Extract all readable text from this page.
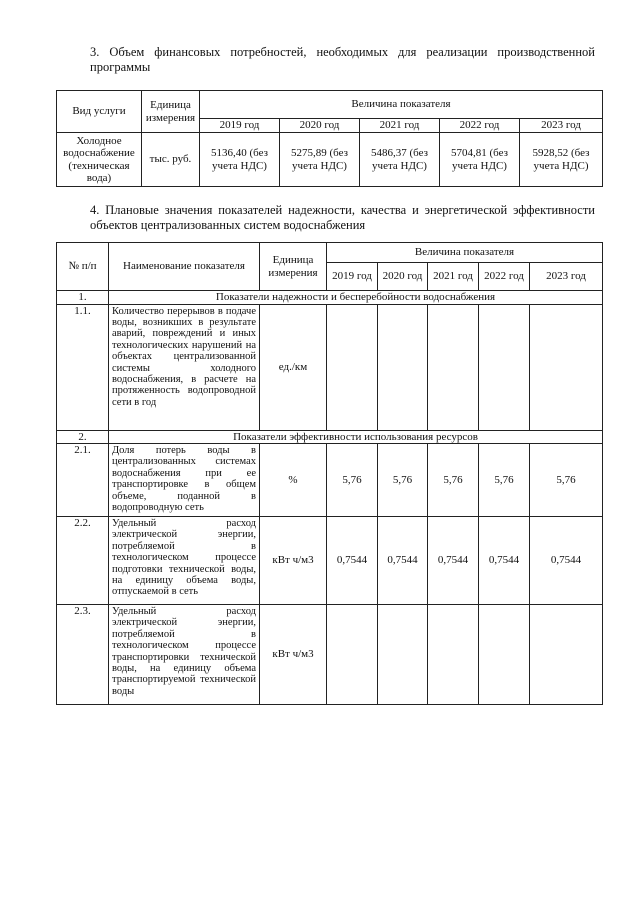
3. Объем финансовых потребностей, необходимых для реализации производственной программы
Вид услуги	Единица измерения	Величина показателя				
		2019 год	2020 год	2021 год	2022 год	2023 год
Холодное водоснабжение (техническая вода)	тыс. руб.	5136,40 (без учета НДС)	5275,89 (без учета НДС)	5486,37 (без учета НДС)	5704,81 (без учета НДС)	5928,52 (без учета НДС)
4. Плановые значения показателей надежности, качества и энергетической эффективности объектов централизованных систем водоснабжения
№ п/п	Наименование показателя	Единица измерения	Величина показателя				
			2019 год	2020 год	2021 год	2022 год	2023 год
1.	Показатели надежности и бесперебойности водоснабжения						
1.1.	Количество перерывов в подаче воды, возникших в результате аварий, повреждений и иных технологических нарушений на объектах централизованной системы холодного водоснабжения, в расчете на протяженность водопроводной сети в год	ед./км					
2.	Показатели эффективности использования ресурсов						
2.1.	Доля потерь воды в централизованных системах водоснабжения при ее транспортировке в общем объеме, поданной в водопроводную сеть	%	5,76	5,76	5,76	5,76	5,76
2.2.	Удельный расход электрической энергии, потребляемой в технологическом процессе подготовки технической воды, на единицу объема воды, отпускаемой в сеть	кВт ч/м3	0,7544	0,7544	0,7544	0,7544	0,7544
2.3.	Удельный расход электрической энергии, потребляемой в технологическом процессе транспортировки технической воды, на единицу объема транспортируемой технической воды	кВт ч/м3					
